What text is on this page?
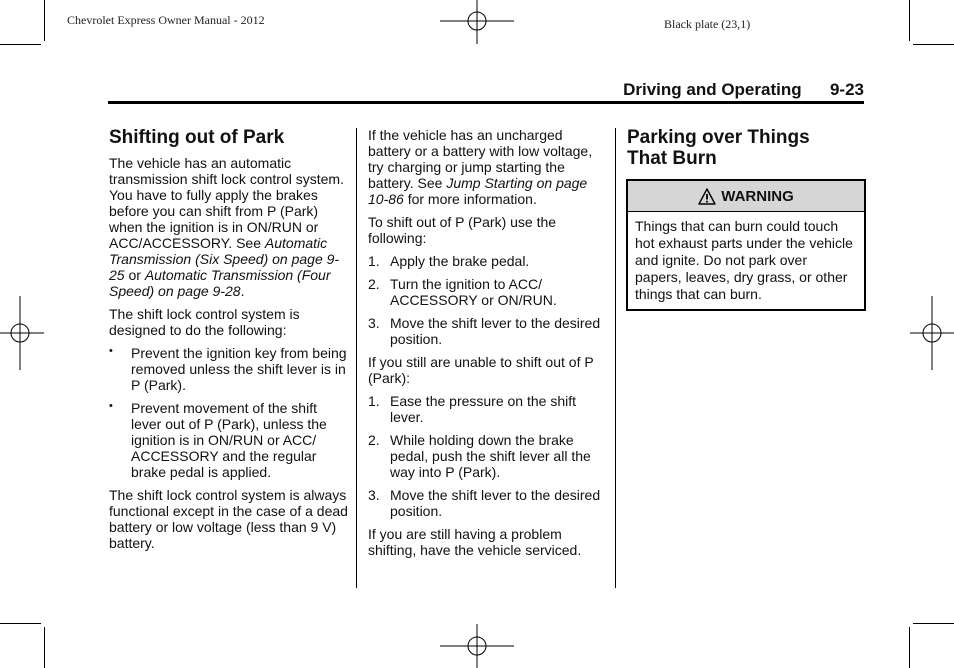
Chevrolet Express Owner Manual - 2012	Black plate (23,1)
Driving and Operating 9-23
Shifting out of Park

The vehicle has an automatic transmission shift lock control system. You have to fully apply the brakes before you can shift from P (Park) when the ignition is in ON/RUN or ACC/ACCESSORY. See Automatic Transmission (Six Speed) on page 9-25 or Automatic Transmission (Four Speed) on page 9-28.

The shift lock control system is designed to do the following:

• Prevent the ignition key from being removed unless the shift lever is in P (Park).
• Prevent movement of the shift lever out of P (Park), unless the ignition is in ON/RUN or ACC/ ACCESSORY and the regular brake pedal is applied.

The shift lock control system is always functional except in the case of a dead battery or low voltage (less than 9 V) battery.

If the vehicle has an uncharged battery or a battery with low voltage, try charging or jump starting the battery. See Jump Starting on page 10-86 for more information.

To shift out of P (Park) use the following:

1. Apply the brake pedal.
2. Turn the ignition to ACC/ ACCESSORY or ON/RUN.
3. Move the shift lever to the desired position.

If you still are unable to shift out of P (Park):

1. Ease the pressure on the shift lever.
2. While holding down the brake pedal, push the shift lever all the way into P (Park).
3. Move the shift lever to the desired position.

If you are still having a problem shifting, have the vehicle serviced.

Parking over Things That Burn
WARNING
Things that can burn could touch hot exhaust parts under the vehicle and ignite. Do not park over papers, leaves, dry grass, or other things that can burn.
